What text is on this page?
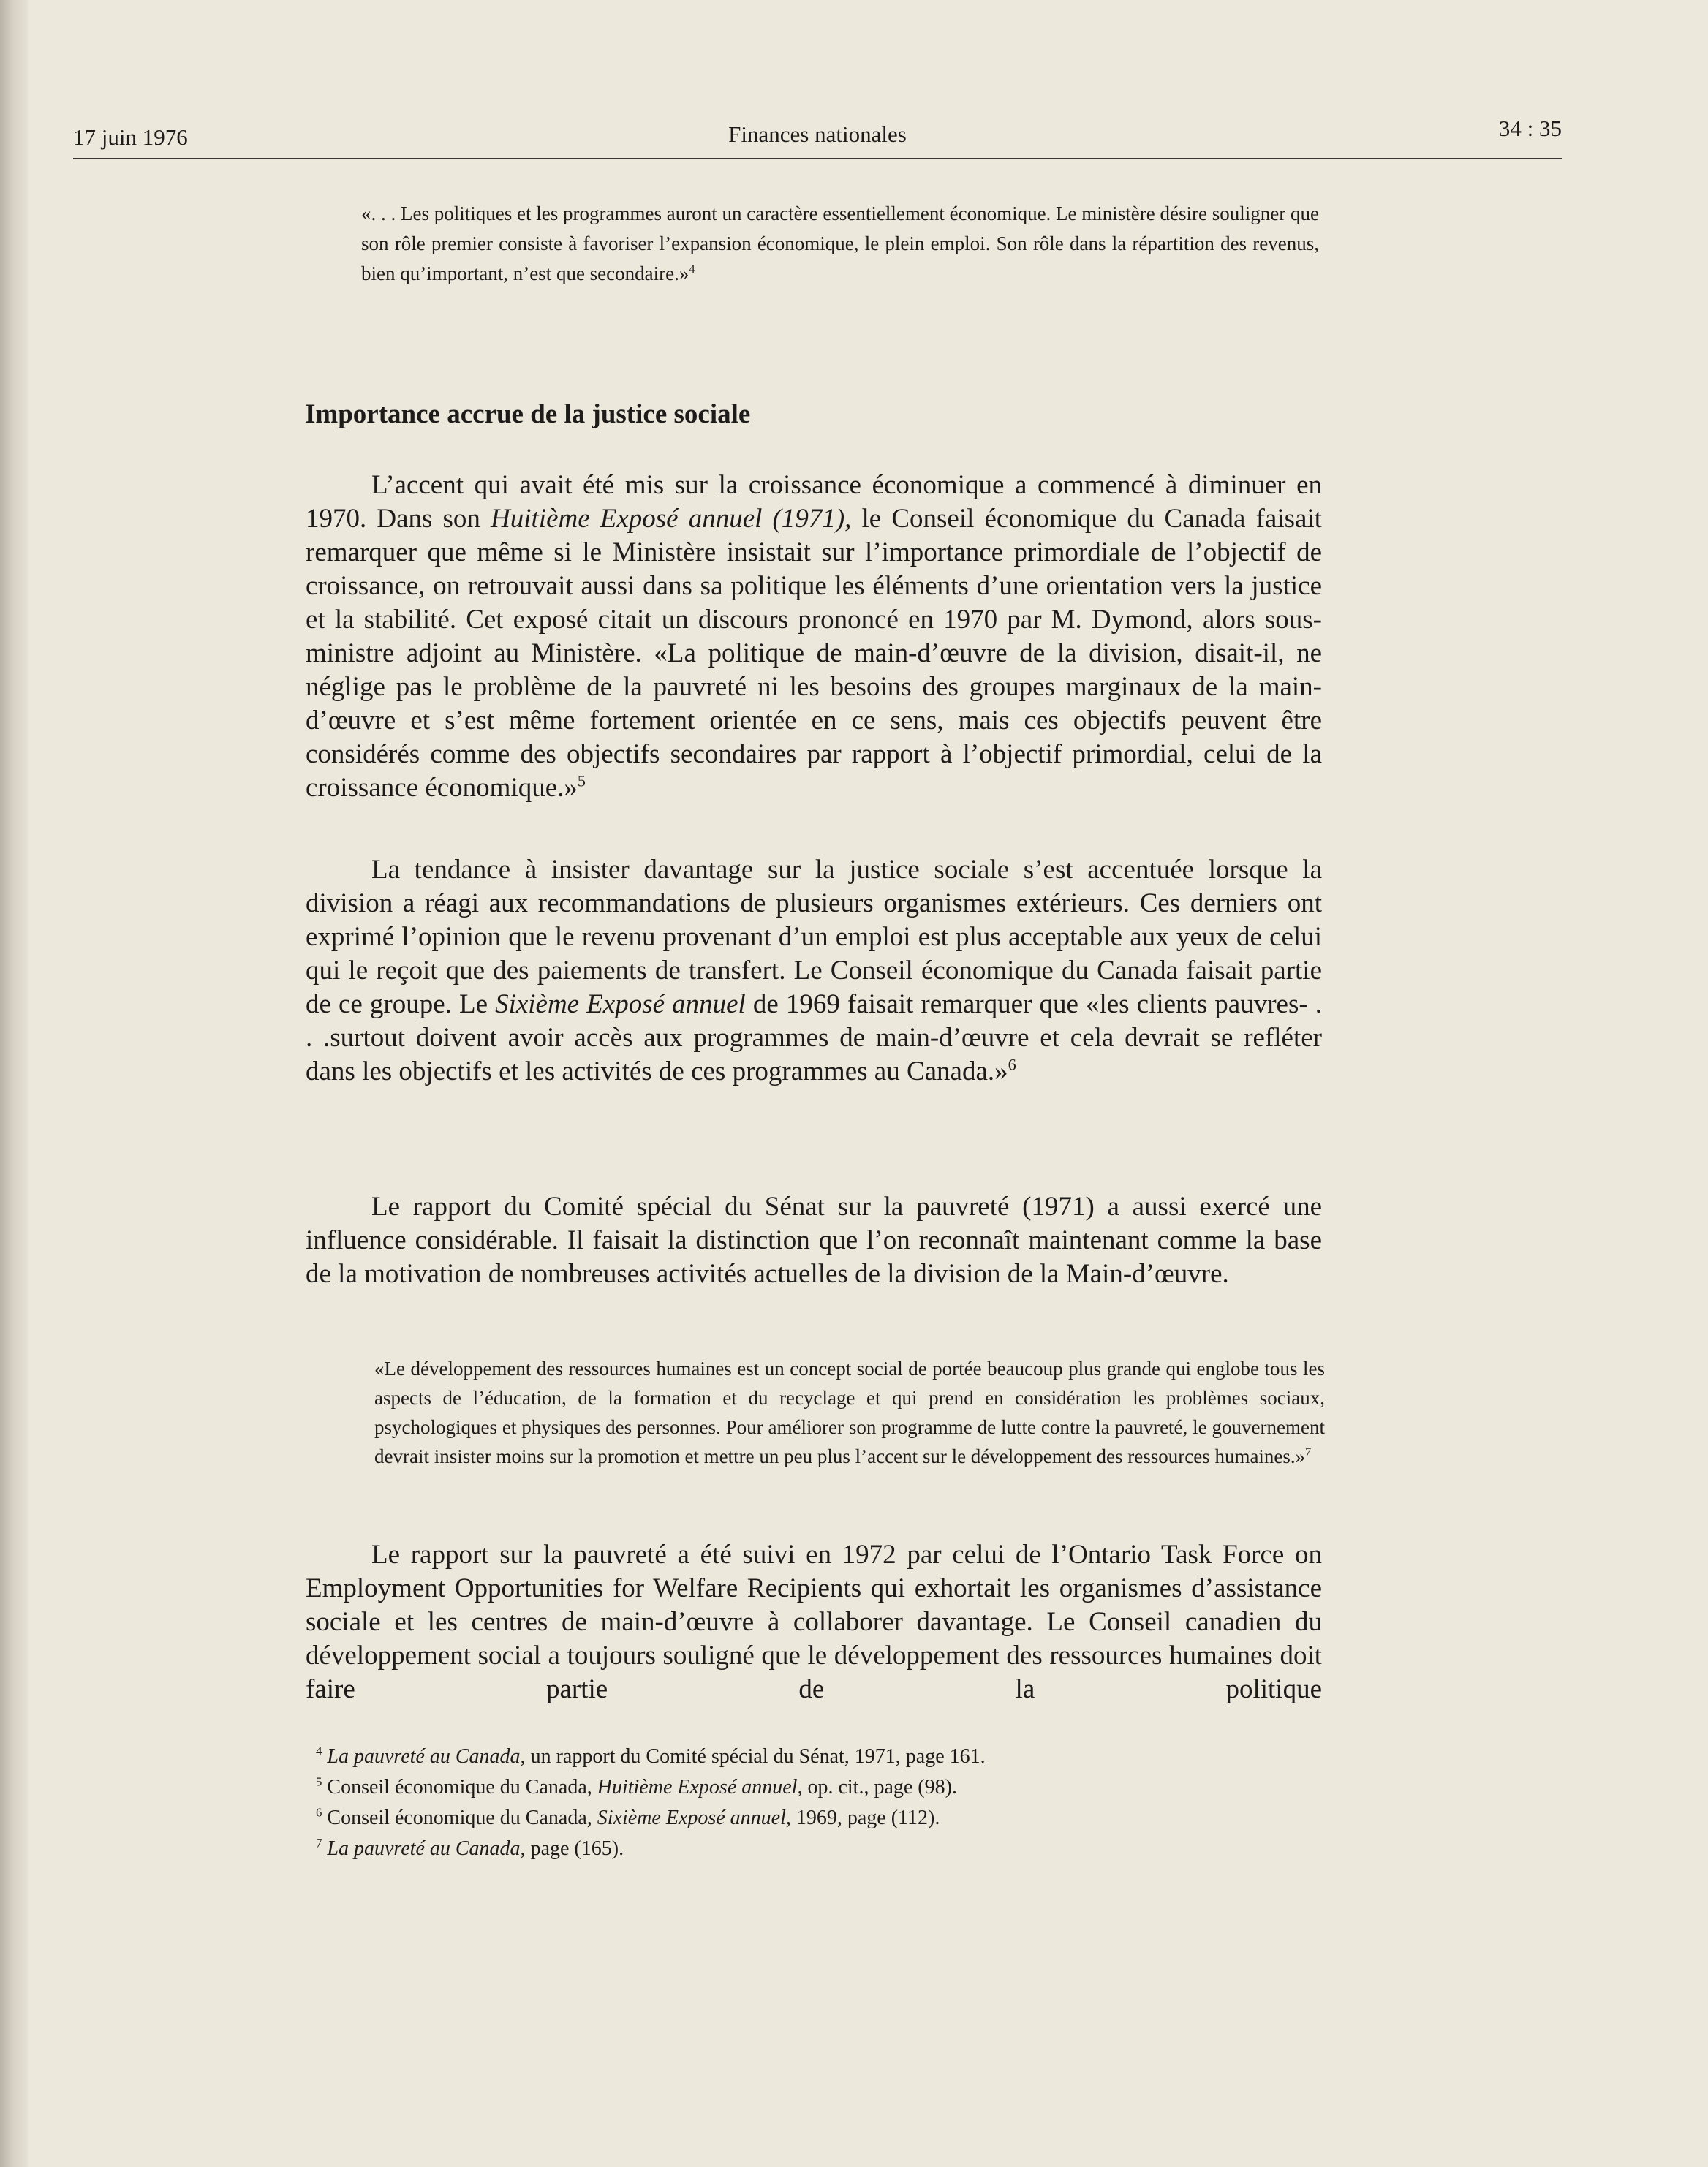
17 juin 1976	Finances nationales	34 : 35
«. . . Les politiques et les programmes auront un caractère essentiellement économique. Le ministère désire souligner que son rôle premier consiste à favoriser l’expansion économique, le plein emploi. Son rôle dans la répartition des revenus, bien qu’important, n’est que secondaire.»$^4$
Importance accrue de la justice sociale

L’accent qui avait été mis sur la croissance économique a commencé à diminuer en 1970. Dans son Huitième Exposé annuel (1971), le Conseil économique du Canada faisait remarquer que même si le Ministère insistait sur l’importance primordiale de l’objectif de croissance, on retrouvait aussi dans sa politique les éléments d’une orientation vers la justice et la stabilité. Cet exposé citait un discours prononcé en 1970 par M. Dymond, alors sous-ministre adjoint au Ministère. «La politique de main-d’œuvre de la division, disait-il, ne néglige pas le problème de la pauvreté ni les besoins des groupes marginaux de la main-d’œuvre et s’est même fortement orientée en ce sens, mais ces objectifs peuvent être considérés comme des objectifs secondaires par rapport à l’objectif primordial, celui de la croissance économique.»$^5$

La tendance à insister davantage sur la justice sociale s’est accentuée lorsque la division a réagi aux recommandations de plusieurs organismes extérieurs. Ces derniers ont exprimé l’opinion que le revenu provenant d’un emploi est plus acceptable aux yeux de celui qui le reçoit que des paiements de transfert. Le Conseil économique du Canada faisait partie de ce groupe. Le Sixième Exposé annuel de 1969 faisait remarquer que «les clients pauvres- . . .surtout doivent avoir accès aux programmes de main-d’œuvre et cela devrait se refléter dans les objectifs et les activités de ces programmes au Canada.»$^6$

Le rapport du Comité spécial du Sénat sur la pauvreté (1971) a aussi exercé une influence considérable. Il faisait la distinction que l’on reconnaît maintenant comme la base de la motivation de nombreuses activités actuelles de la division de la Main-d’œuvre.

«Le développement des ressources humaines est un concept social de portée beaucoup plus grande qui englobe tous les aspects de l’éducation, de la formation et du recyclage et qui prend en considération les problèmes sociaux, psychologiques et physiques des personnes. Pour améliorer son programme de lutte contre la pauvreté, le gouvernement devrait insister moins sur la promotion et mettre un peu plus l’accent sur le développement des ressources humaines.»$^7$

Le rapport sur la pauvreté a été suivi en 1972 par celui de l’Ontario Task Force on Employment Opportunities for Welfare Recipients qui exhortait les organismes d’assistance sociale et les centres de main-d’œuvre à collaborer davantage. Le Conseil canadien du développement social a toujours souligné que le développement des ressources humaines doit faire partie de la politique

$^4$ La pauvreté au Canada, un rapport du Comité spécial du Sénat, 1971, page 161.
$^5$ Conseil économique du Canada, Huitième Exposé annuel, op. cit., page (98).
$^6$ Conseil économique du Canada, Sixième Exposé annuel, 1969, page (112).
$^7$ La pauvreté au Canada, page (165).
